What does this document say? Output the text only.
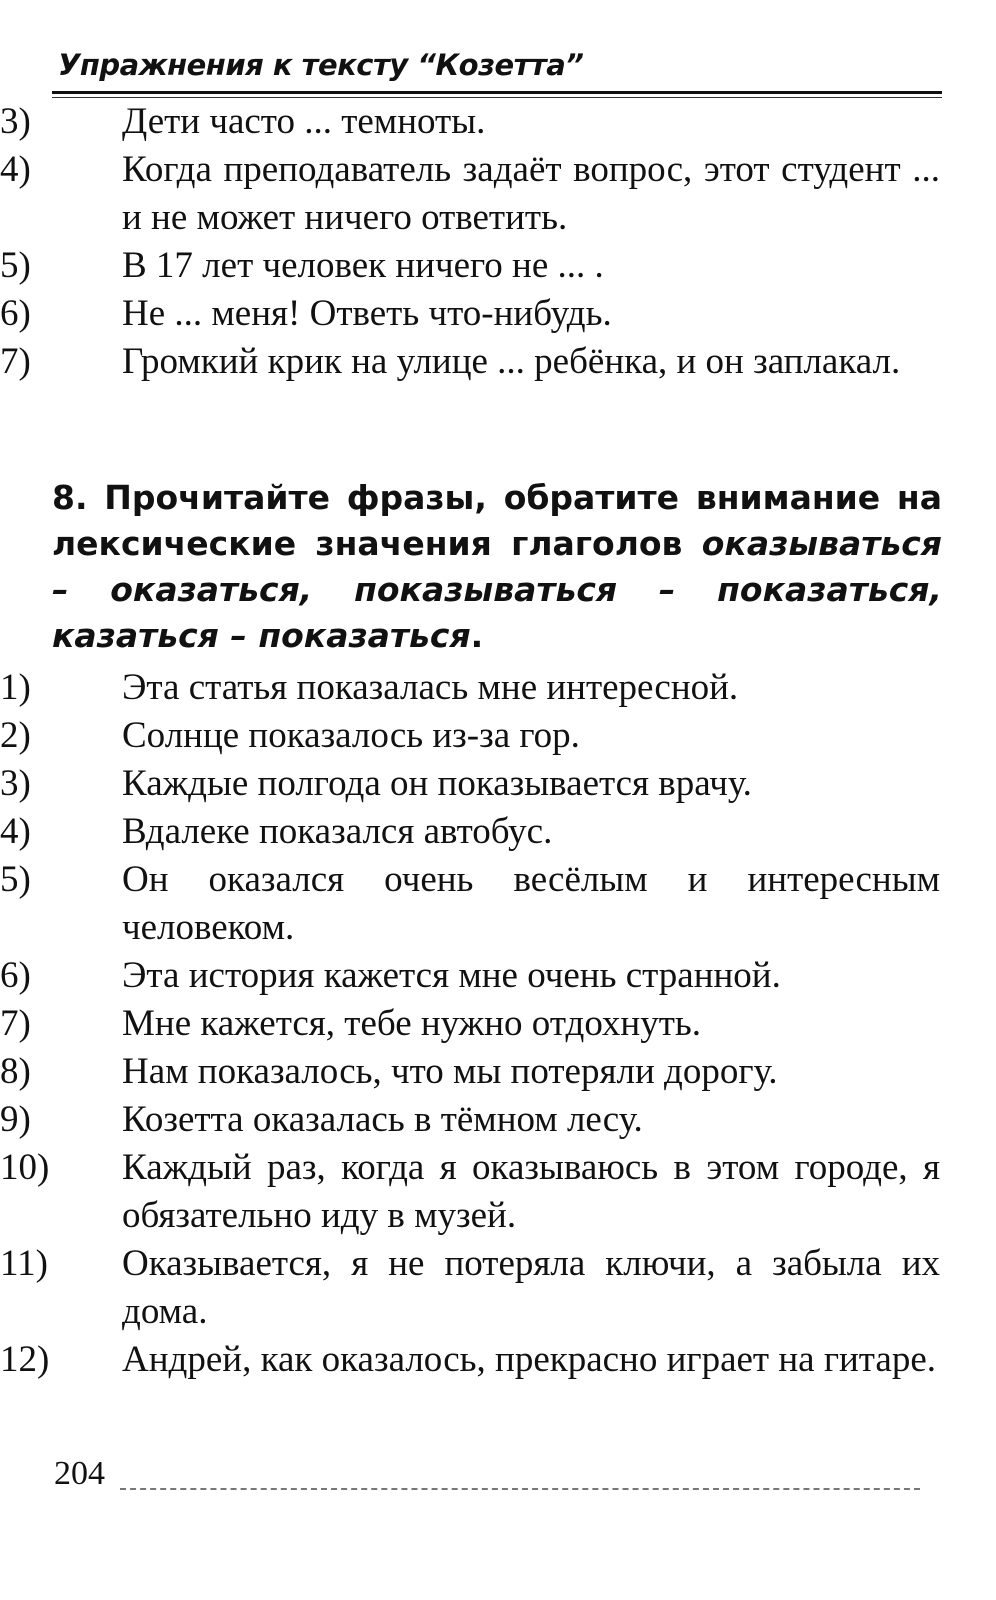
Упражнения к тексту “Козетта”
3)	Дети часто ... темноты.
4)	Когда преподаватель задаёт вопрос, этот студент ... и не может ничего ответить.
5)	В 17 лет человек ничего не ... .
6)	Не ... меня! Ответь что-нибудь.
7)	Громкий крик на улице ... ребёнка, и он заплакал.
8. Прочитайте фразы, обратите внимание на лексические значения глаголов оказываться – оказаться, показываться – показаться, казаться – показаться.
1)	Эта статья показалась мне интересной.
2)	Солнце показалось из-за гор.
3)	Каждые полгода он показывается врачу.
4)	Вдалеке показался автобус.
5)	Он оказался очень весёлым и интересным человеком.
6)	Эта история кажется мне очень странной.
7)	Мне кажется, тебе нужно отдохнуть.
8)	Нам показалось, что мы потеряли дорогу.
9)	Козетта оказалась в тёмном лесу.
10)	Каждый раз, когда я оказываюсь в этом городе, я обязательно иду в музей.
11)	Оказывается, я не потеряла ключи, а забыла их дома.
12)	Андрей, как оказалось, прекрасно играет на гитаре.
204
